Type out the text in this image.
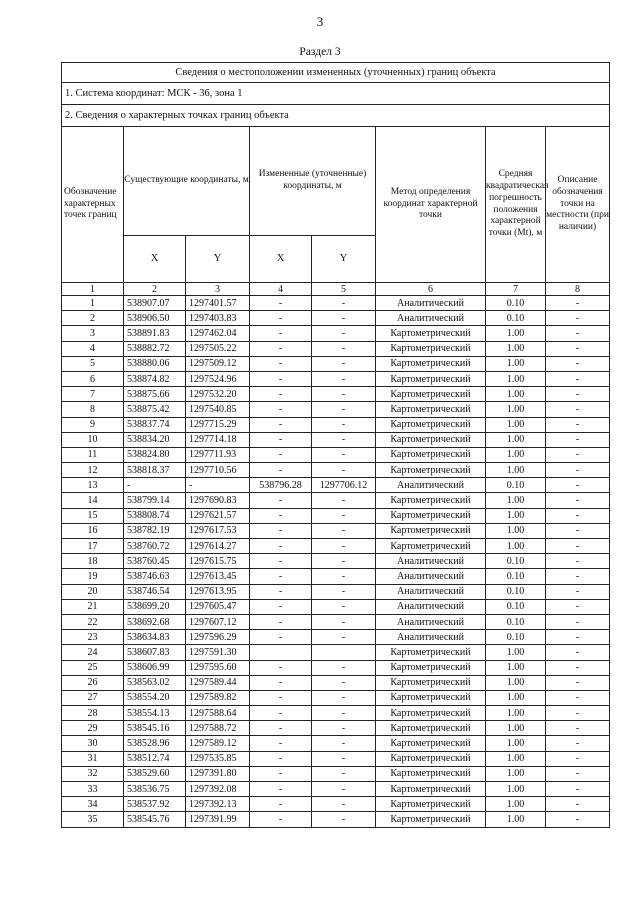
3
Раздел 3
Сведения о местоположении измененных (уточненных) границ объекта							
1. Система координат: МСК - 36, зона 1							
2. Сведения о характерных точках границ объекта							
Обозначение характерных точек границ	Существующие координаты, м		Измененные (уточненные) координаты, м		Метод определения координат характерной точки	Средняя квадратическая погрешность положения характерной точки (Mt), м	Описание обозначения точки на местности (при наличии)
	X	Y	X	Y			
1	2	3	4	5	6	7	8
1	538907.07	1297401.57	-	-	Аналитический	0.10	-
2	538906.50	1297403.83	-	-	Аналитический	0.10	-
3	538891.83	1297462.04	-	-	Картометрический	1.00	-
4	538882.72	1297505.22	-	-	Картометрический	1.00	-
5	538880.06	1297509.12	-	-	Картометрический	1.00	-
6	538874.82	1297524.96	-	-	Картометрический	1.00	-
7	538875.66	1297532.20	-	-	Картометрический	1.00	-
8	538875.42	1297540.85	-	-	Картометрический	1.00	-
9	538837.74	1297715.29	-	-	Картометрический	1.00	-
10	538834.20	1297714.18	-	-	Картометрический	1.00	-
11	538824.80	1297711.93	-	-	Картометрический	1.00	-
12	538818.37	1297710.56	-	-	Картометрический	1.00	-
13	-	-	538796.28	1297706.12	Аналитический	0.10	-
14	538799.14	1297690.83	-	-	Картометрический	1.00	-
15	538808.74	1297621.57	-	-	Картометрический	1.00	-
16	538782.19	1297617.53	-	-	Картометрический	1.00	-
17	538760.72	1297614.27	-	-	Картометрический	1.00	-
18	538760.45	1297615.75	-	-	Аналитический	0.10	-
19	538746.63	1297613.45	-	-	Аналитический	0.10	-
20	538746.54	1297613.95	-	-	Аналитический	0.10	-
21	538699.20	1297605.47	-	-	Аналитический	0.10	-
22	538692.68	1297607.12	-	-	Аналитический	0.10	-
23	538634.83	1297596.29	-	-	Аналитический	0.10	-
24	538607.83	1297591.30			Картометрический	1.00	-
25	538606.99	1297595.60	-	-	Картометрический	1.00	-
26	538563.02	1297589.44	-	-	Картометрический	1.00	-
27	538554.20	1297589.82	-	-	Картометрический	1.00	-
28	538554.13	1297588.64	-	-	Картометрический	1.00	-
29	538545.16	1297588.72	-	-	Картометрический	1.00	-
30	538528.96	1297589.12	-	-	Картометрический	1.00	-
31	538512.74	1297535.85	-	-	Картометрический	1.00	-
32	538529.60	1297391.80	-	-	Картометрический	1.00	-
33	538536.75	1297392.08	-	-	Картометрический	1.00	-
34	538537.92	1297392.13	-	-	Картометрический	1.00	-
35	538545.76	1297391.99	-	-	Картометрический	1.00	-
